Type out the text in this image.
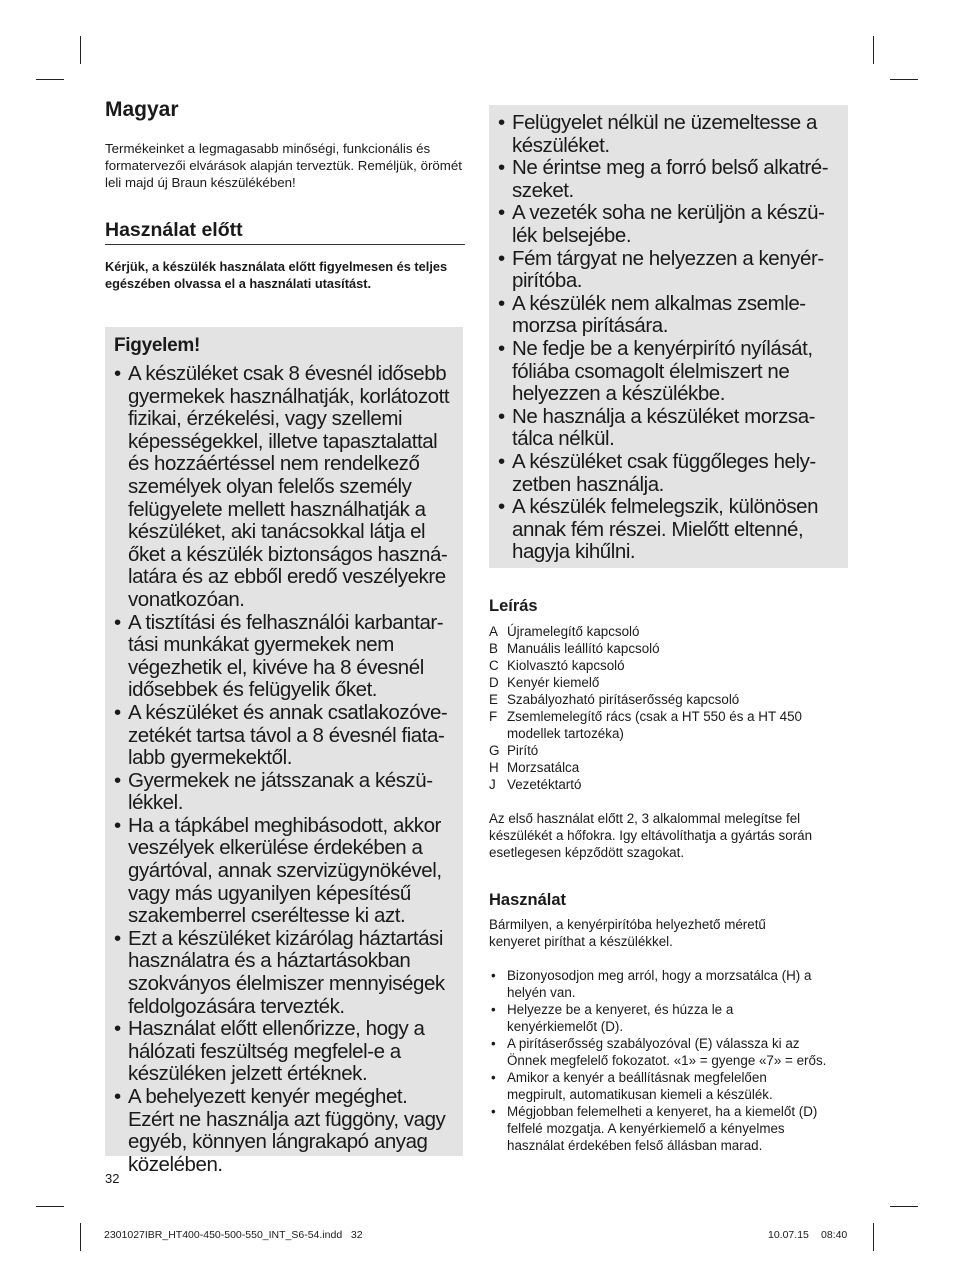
Magyar
Termékeinket a legmagasabb minőségi, funkcionális és formatervezői elvárások alapján terveztük. Reméljük, örömét leli majd új Braun készülékében!
Használat előtt
Kérjük, a készülék használata előtt figyelmesen és teljes egészében olvassa el a használati utasítást.
Figyelem!
• A készüléket csak 8 évesnél idősebb gyermekek használhatják, korlátozott fizikai, érzékelési, vagy szellemi képességekkel, illetve tapasztalattal és hozzáértéssel nem rendelkező személyek olyan felelős személy felügyelete mellett használhatják a készüléket, aki tanácsokkal látja el őket a készülék biztonságos használatára és az ebből eredő veszélyekre vonatkozóan.
• A tisztítási és felhasználói karbantartási munkákat gyermekek nem végezhetik el, kivéve ha 8 évesnél idősebbek és felügyelik őket.
• A készüléket és annak csatlakozóvezetékét tartsa távol a 8 évesnél fiatalabb gyermekektől.
• Gyermekek ne játsszanak a készülékkel.
• Ha a tápkábel meghibásodott, akkor veszélyek elkerülése érdekében a gyártóval, annak szervizügynökével, vagy más ugyanilyen képesítésű szakemberrel cseréltesse ki azt.
• Ezt a készüléket kizárólag háztartási használatra és a háztartásokban szokványos élelmiszer mennyiségek feldolgozására tervezték.
• Használat előtt ellenőrizze, hogy a hálózati feszültség megfelel-e a készüléken jelzett értéknek.
• A behelyezett kenyér megéghet. Ezért ne használja azt függöny, vagy egyéb, könnyen lángrakapó anyag közelében.
32
• Felügyelet nélkül ne üzemeltesse a készüléket.
• Ne érintse meg a forró belső alkatrészeket.
• A vezeték soha ne kerüljön a készülék belsejébe.
• Fém tárgyat ne helyezzen a kenyérpirítóba.
• A készülék nem alkalmas zsemlemorzsa pirítására.
• Ne fedje be a kenyérpirító nyílását, fóliába csomagolt élelmiszert ne helyezzen a készülékbe.
• Ne használja a készüléket morzsatálca nélkül.
• A készüléket csak függőleges helyzetben használja.
• A készülék felmelegszik, különösen annak fém részei. Mielőtt eltenné, hagyja kihűlni.
Leírás
A Újramelegítő kapcsoló
B Manuális leállító kapcsoló
C Kiolvasztó kapcsoló
D Kenyér kiemelő
E Szabályozható pirításerősség kapcsoló
F Zsemlemelegítő rács (csak a HT 550 és a HT 450 modellek tartozéka)
G Pirító
H Morzsatálca
J Vezetéktartó
Az első használat előtt 2, 3 alkalommal melegítse fel készülékét a hőfokra. Igy eltávolíthatja a gyártás során esetlegesen képződött szagokat.
Használat
Bármilyen, a kenyérpirítóba helyezhető méretű kenyeret piríthat a készülékkel.
• Bizonyosodjon meg arról, hogy a morzsatálca (H) a helyén van.
• Helyezze be a kenyeret, és húzza le a kenyérkiemelőt (D).
• A pirításerősség szabályozóval (E) válassza ki az Önnek megfelelő fokozatot. «1» = gyenge «7» = erős.
• Amikor a kenyér a beállításnak megfelelően megpirult, automatikusan kiemeli a készülék.
• Mégjobban felemelheti a kenyeret, ha a kiemelőt (D) felfelé mozgatja. A kenyérkiemelő a kényelmes használat érdekében felső állásban marad.
2301027IBR_HT400-450-500-550_INT_S6-54.indd   32	10.07.15 08:40
